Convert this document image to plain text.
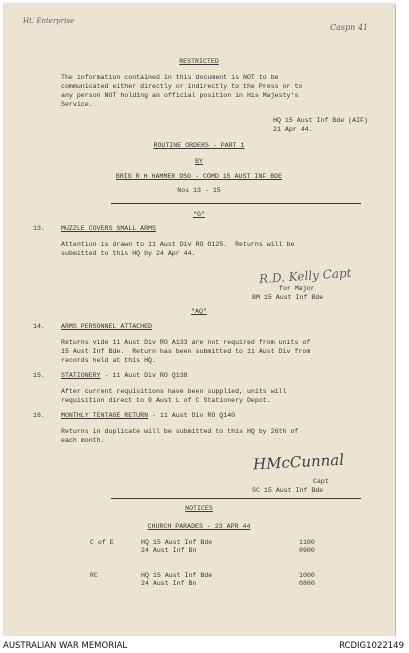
Ht. Enterprise
Caspn 41
RESTRICTED
The information contained in this document is NOT to be
communicated either directly or indirectly to the Press or to
any person NOT holding an official position in His Majesty's
Service.
HQ 15 Aust Inf Bde (AIF)
21 Apr 44.
ROUTINE ORDERS - PART 1
BY
BRIG R H HAMMER DSO - COMD 15 AUST INF BDE
Nos 13 - 15
"G"
13. MUZZLE COVERS SMALL ARMS
Attention is drawn to 11 Aust Div RO G125.  Returns will be
submitted to this HQ by 24 Apr 44.
R.D. Kelly Capt
for Major
BM 15 Aust Inf Bde
"AQ"
14. ARMS PERSONNEL ATTACHED
Returns vide 11 Aust Div RO A133 are not required from units of
15 Aust Inf Bde.  Return has been submitted to 11 Aust Div from
records held at this HQ.
15. STATIONERY - 11 Aust Div RO Q138
After current requisitions have been supplied, units will
requisition direct to 9 Aust L of C Stationery Depot.
16. MONTHLY TENTAGE RETURN - 11 Aust Div RO Q140
Returns in duplicate will be submitted to this HQ by 26th of
each month.
HMcCunnal
Capt
SC 15 Aust Inf Bde
NOTICES
CHURCH PARADES - 23 APR 44
C of E	HQ 15 Aust Inf Bde	1100
24 Aust Inf Bn	0900
RC	HQ 15 Aust Inf Bde	1000
24 Aust Inf Bn	0800
AUSTRALIAN WAR MEMORIAL	RCDIG1022149
